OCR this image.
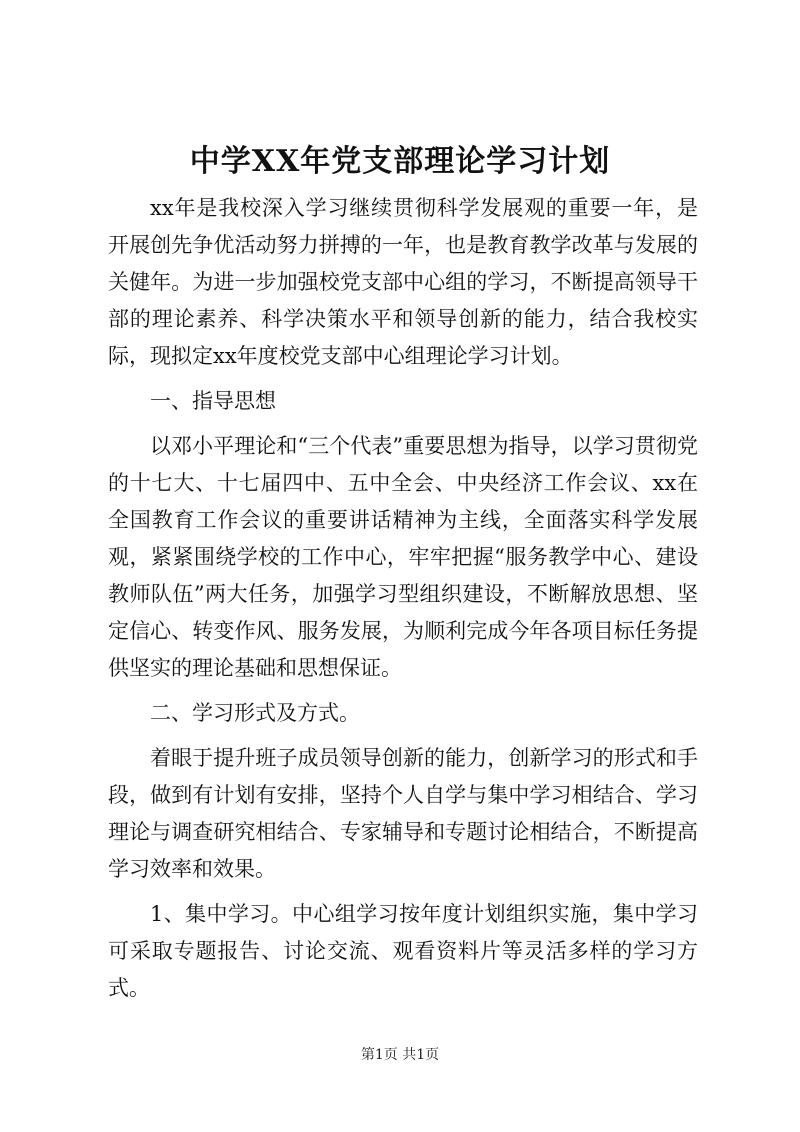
中学XX年党支部理论学习计划

xx年是我校深入学习继续贯彻科学发展观的重要一年，是开展创先争优活动努力拼搏的一年，也是教育教学改革与发展的关健年。为进一步加强校党支部中心组的学习，不断提高领导干部的理论素养、科学决策水平和领导创新的能力，结合我校实际，现拟定xx年度校党支部中心组理论学习计划。

一、指导思想

以邓小平理论和“三个代表”重要思想为指导，以学习贯彻党的十七大、十七届四中、五中全会、中央经济工作会议、xx在全国教育工作会议的重要讲话精神为主线，全面落实科学发展观，紧紧围绕学校的工作中心，牢牢把握“服务教学中心、建设教师队伍”两大任务，加强学习型组织建设，不断解放思想、坚定信心、转变作风、服务发展，为顺利完成今年各项目标任务提供坚实的理论基础和思想保证。

二、学习形式及方式。

着眼于提升班子成员领导创新的能力，创新学习的形式和手段，做到有计划有安排，坚持个人自学与集中学习相结合、学习理论与调查研究相结合、专家辅导和专题讨论相结合，不断提高学习效率和效果。

1、集中学习。中心组学习按年度计划组织实施，集中学习可采取专题报告、讨论交流、观看资料片等灵活多样的学习方式。

第1页 共1页
